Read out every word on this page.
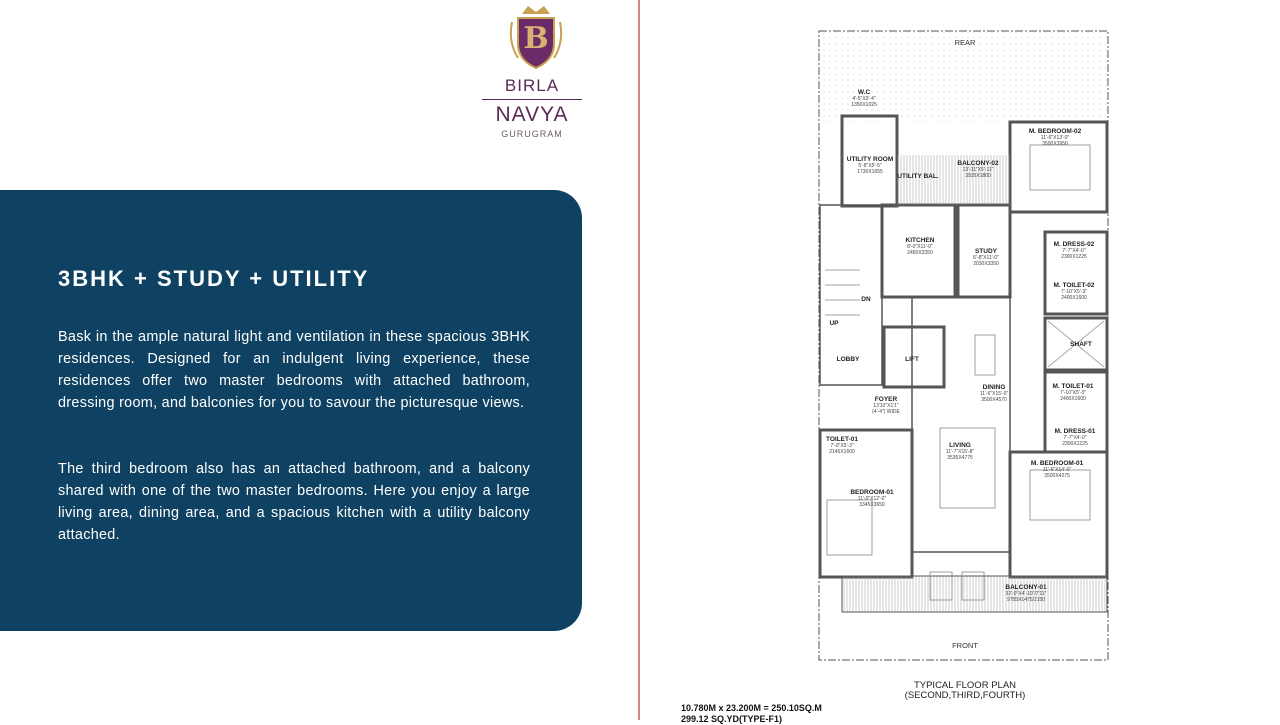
B
BIRLA
NAVYA
GURUGRAM
3BHK + STUDY + UTILITY

Bask in the ample natural light and ventilation in these spacious 3BHK residences. Designed for an indulgent living experience, these residences offer two master bedrooms with attached bathroom, dressing room, and balconies for you to savour the picturesque views.

The third bedroom also has an attached bathroom, and a balcony shared with one of the two master bedrooms. Here you enjoy a large living area, dining area, and a spacious kitchen with a utility balcony attached.

REAR
FRONT
W.C
4'-5"X3'-4"
1350X1025
UTILITY ROOM
5'-8"X5'-5"
1730X1655
UTILITY BAL.
BALCONY-02
13'-11"X5'-11"
3935X1800
M. BEDROOM-02
11'-6"X13'-0"
3500X3950
KITCHEN
8'-0"X11'-0"
2450X3350	STUDY
6'-8"X11'-0"
2030X3350
M. DRESS-02
7'-7"X4'-0"
2300X1225
M. TOILET-02
7'-10"X5'-3"
2400X1600
DN
UP
LOBBY	LIFT
SHAFT
DINING
11'-6"X15'-0"
3500X4570
M. TOILET-01
7'-10"X5'-3"
2400X1600
FOYER
13'10"X1'1"
(4'-4") WIDE
M. DRESS-01
7'-7"X4'-0"
2300X1225
TOILET-01
7'-0"X5'-3"
2145X1600
LIVING
11'-7"X15'-8"
3535X4775
M. BEDROOM-01
11'-6"X14'-0"
3500X4275
BEDROOM-01
11'-0"X12'-0"
3345X3650
BALCONY-01
32'-0"X4'-10"/7'11"
9755X1475/2150
TYPICAL FLOOR PLAN
(SECOND,THIRD,FOURTH)
10.780M x 23.200M = 250.10SQ.M
299.12 SQ.YD(TYPE-F1)
